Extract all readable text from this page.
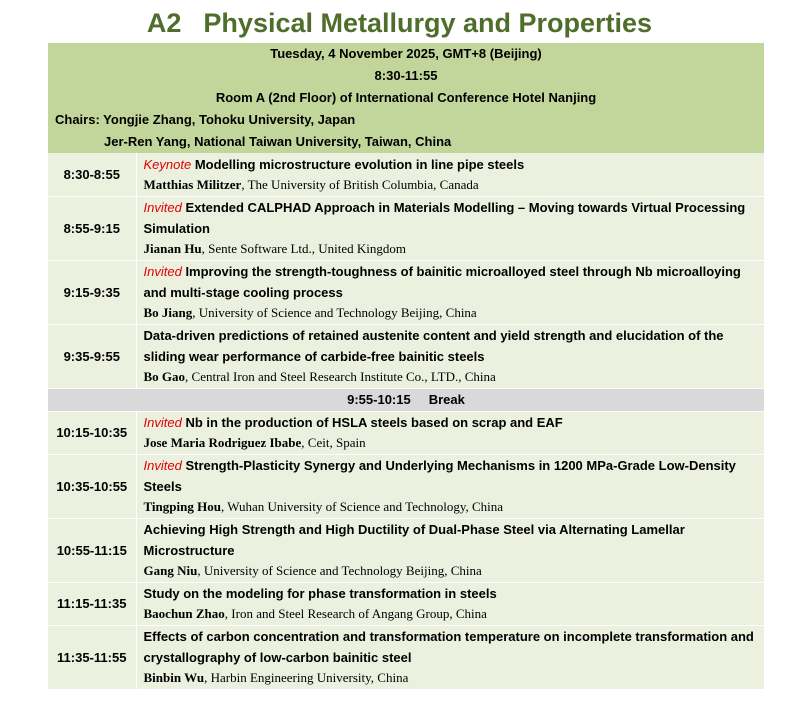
A2 Physical Metallurgy and Properties
Tuesday, 4 November 2025, GMT+8 (Beijing)	
8:30-11:55	
Room A (2nd Floor) of International Conference Hotel Nanjing	
Chairs: Yongjie Zhang, Tohoku University, Japan	
Jer-Ren Yang, National Taiwan University, Taiwan, China	
8:30-8:55	Keynote Modelling microstructure evolution in line pipe steels
Matthias Militzer, The University of British Columbia, Canada

8:55-9:15	Invited Extended CALPHAD Approach in Materials Modelling – Moving towards Virtual Processing Simulation
Jianan Hu, Sente Software Ltd., United Kingdom

9:15-9:35	Invited Improving the strength-toughness of bainitic microalloyed steel through Nb microalloying and multi-stage cooling process
Bo Jiang, University of Science and Technology Beijing, China

9:35-9:55	Data-driven predictions of retained austenite content and yield strength and elucidation of the sliding wear performance of carbide-free bainitic steels
Bo Gao, Central Iron and Steel Research Institute Co., LTD., China

9:55-10:15 Break	
10:15-10:35	Invited Nb in the production of HSLA steels based on scrap and EAF
Jose Maria Rodriguez Ibabe, Ceit, Spain

10:35-10:55	Invited Strength-Plasticity Synergy and Underlying Mechanisms in 1200 MPa-Grade Low-Density Steels
Tingping Hou, Wuhan University of Science and Technology, China

10:55-11:15	Achieving High Strength and High Ductility of Dual-Phase Steel via Alternating Lamellar Microstructure
Gang Niu, University of Science and Technology Beijing, China

11:15-11:35	Study on the modeling for phase transformation in steels
Baochun Zhao, Iron and Steel Research of Angang Group, China

11:35-11:55	Effects of carbon concentration and transformation temperature on incomplete transformation and crystallography of low-carbon bainitic steel
Binbin Wu, Harbin Engineering University, China
